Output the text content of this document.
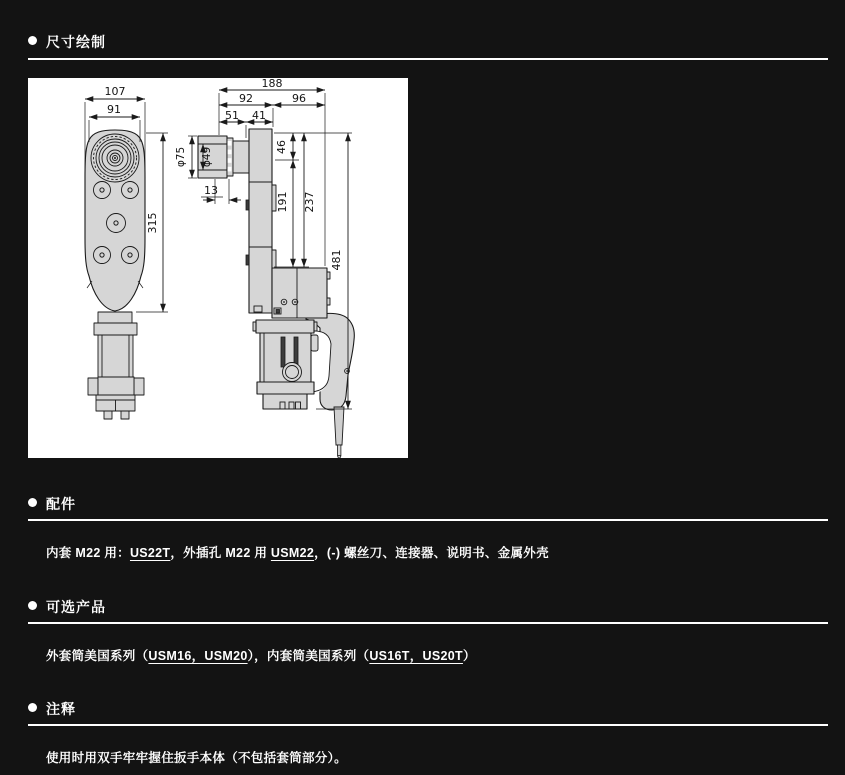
尺寸绘制
107
91
315
188
92	96
51 41
φ75 φ49
13
46
191 237
481
配件
内套 M22 用：US22T，外插孔 M22 用 USM22，(-) 螺丝刀、连接器、说明书、金属外壳
可选产品
外套筒美国系列（USM16，USM20），内套筒美国系列（US16T，US20T）
注释
使用时用双手牢牢握住扳手本体（不包括套筒部分）。
